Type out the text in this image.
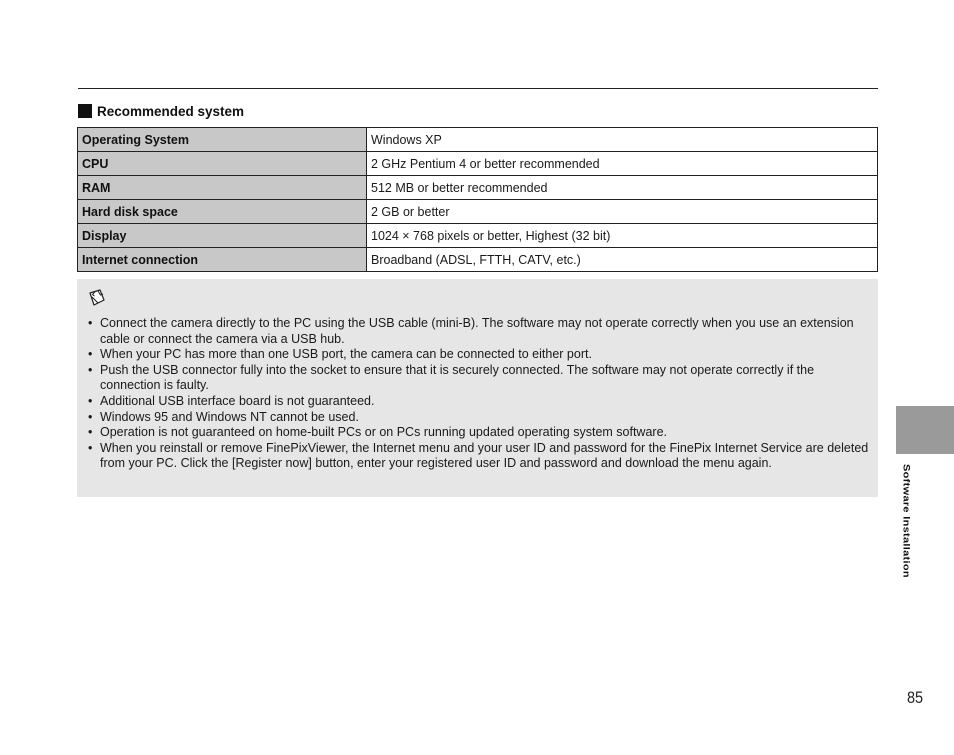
Recommended system
Operating System	Windows XP
CPU	2 GHz Pentium 4 or better recommended
RAM	512 MB or better recommended
Hard disk space	2 GB or better
Display	1024 × 768 pixels or better, Highest (32 bit)
Internet connection	Broadband (ADSL, FTTH, CATV, etc.)
• Connect the camera directly to the PC using the USB cable (mini-B). The software may not operate correctly when you use an extension cable or connect the camera via a USB hub.
• When your PC has more than one USB port, the camera can be connected to either port.
• Push the USB connector fully into the socket to ensure that it is securely connected. The software may not operate correctly if the connection is faulty.
• Additional USB interface board is not guaranteed.
• Windows 95 and Windows NT cannot be used.
• Operation is not guaranteed on home-built PCs or on PCs running updated operating system software.
• When you reinstall or remove FinePixViewer, the Internet menu and your user ID and password for the FinePix Internet Service are deleted from your PC. Click the [Register now] button, enter your registered user ID and password and download the menu again.
Software Installation
85
